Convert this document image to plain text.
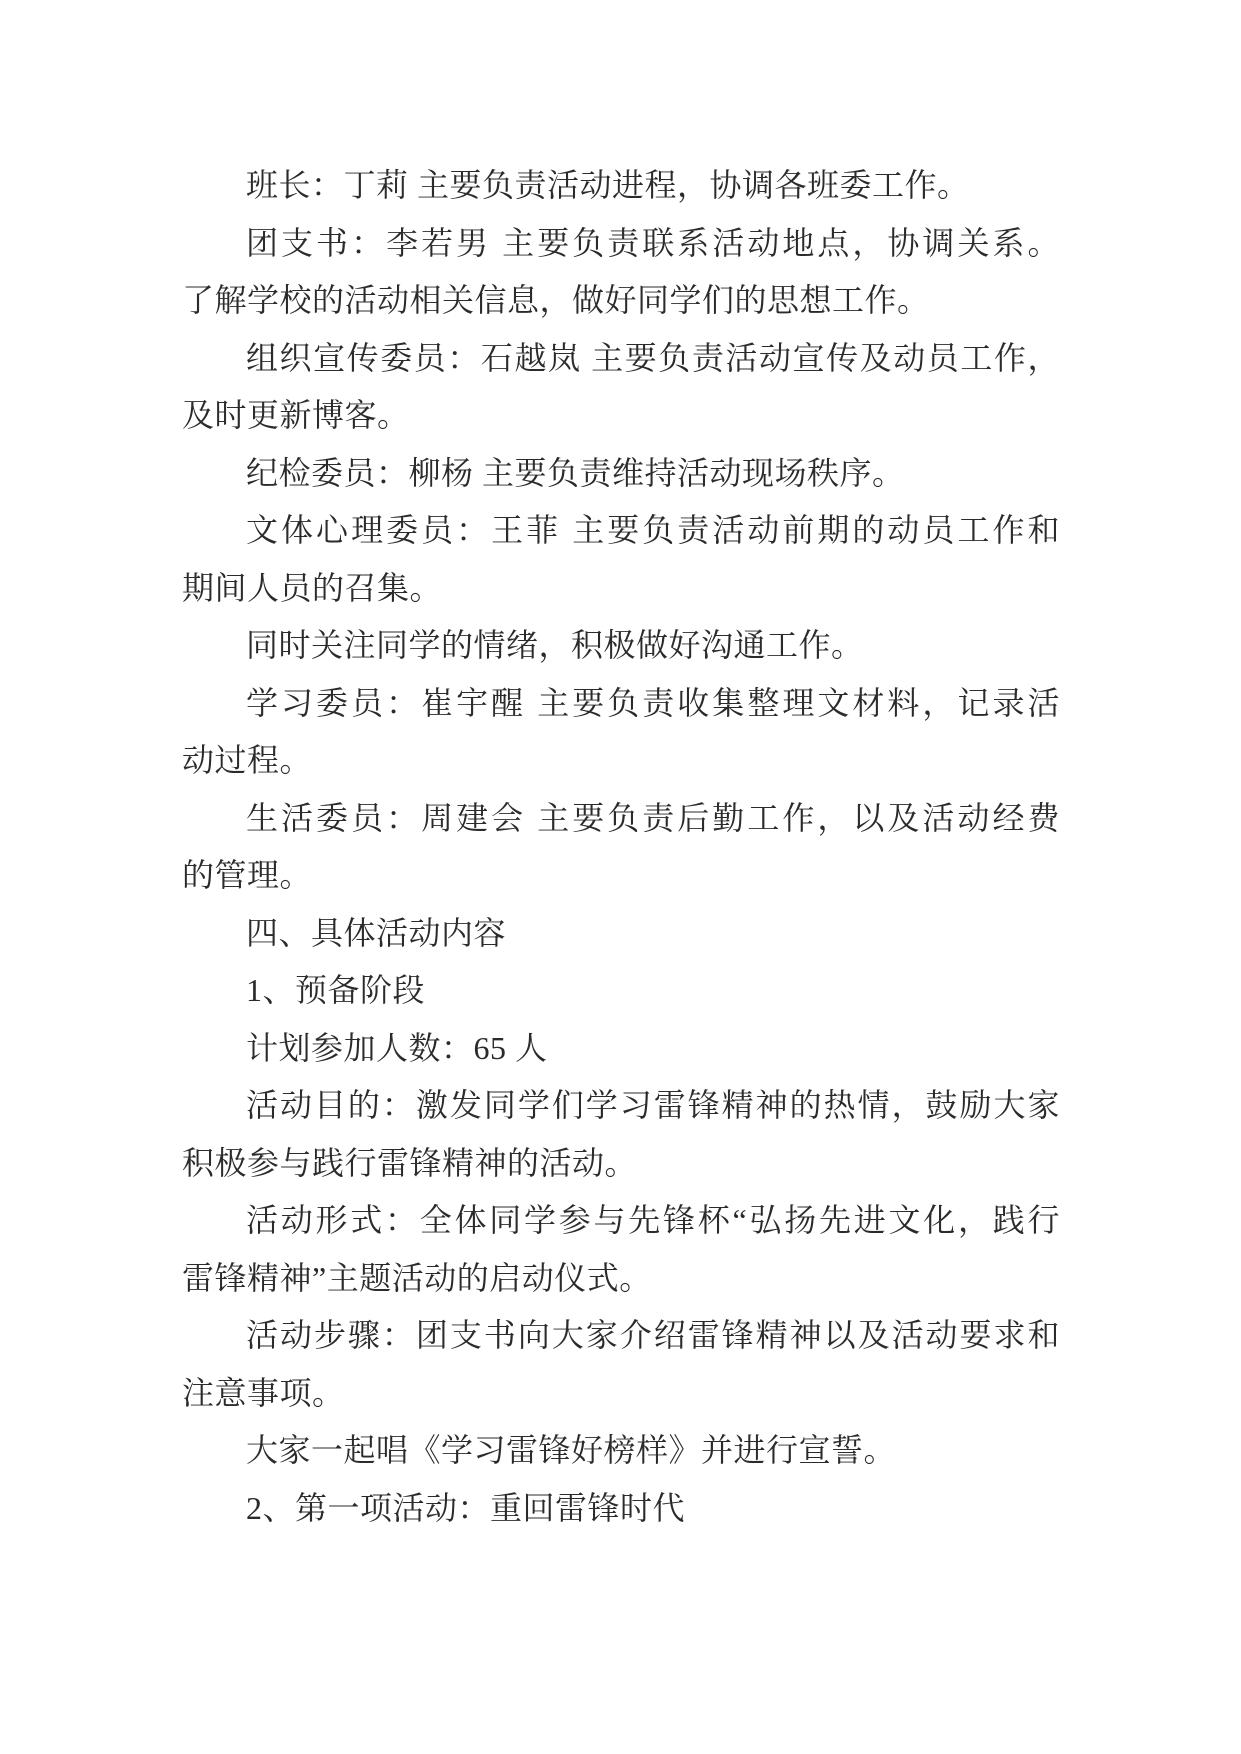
班长：丁莉 主要负责活动进程，协调各班委工作。
团支书：李若男 主要负责联系活动地点，协调关系。
了解学校的活动相关信息，做好同学们的思想工作。
组织宣传委员：石越岚 主要负责活动宣传及动员工作，
及时更新博客。
纪检委员：柳杨 主要负责维持活动现场秩序。
文体心理委员：王菲 主要负责活动前期的动员工作和
期间人员的召集。
同时关注同学的情绪，积极做好沟通工作。
学习委员：崔宇醒 主要负责收集整理文材料，记录活
动过程。
生活委员：周建会 主要负责后勤工作，以及活动经费
的管理。
四、具体活动内容
1、预备阶段
计划参加人数：65 人
活动目的：激发同学们学习雷锋精神的热情，鼓励大家
积极参与践行雷锋精神的活动。
活动形式：全体同学参与先锋杯“弘扬先进文化，践行
雷锋精神”主题活动的启动仪式。
活动步骤：团支书向大家介绍雷锋精神以及活动要求和
注意事项。
大家一起唱《学习雷锋好榜样》并进行宣誓。
2、第一项活动：重回雷锋时代
